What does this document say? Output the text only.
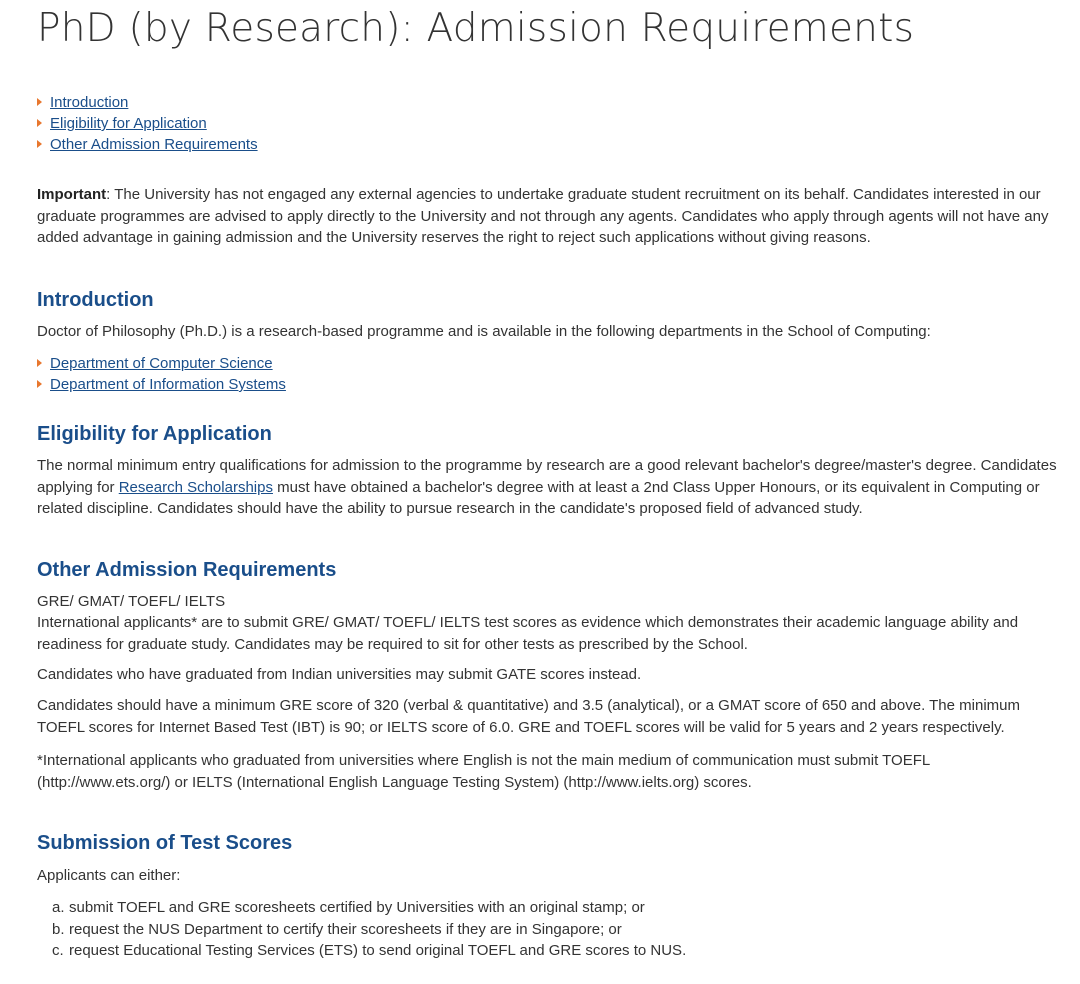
PhD (by Research): Admission Requirements
Introduction
Eligibility for Application
Other Admission Requirements

Important: The University has not engaged any external agencies to undertake graduate student recruitment on its behalf. Candidates interested in our graduate programmes are advised to apply directly to the University and not through any agents. Candidates who apply through agents will not have any added advantage in gaining admission and the University reserves the right to reject such applications without giving reasons.

Introduction

Doctor of Philosophy (Ph.D.) is a research-based programme and is available in the following departments in the School of Computing:

Department of Computer Science
Department of Information Systems
Eligibility for Application

The normal minimum entry qualifications for admission to the programme by research are a good relevant bachelor's degree/master's degree. Candidates applying for Research Scholarships must have obtained a bachelor's degree with at least a 2nd Class Upper Honours, or its equivalent in Computing or related discipline. Candidates should have the ability to pursue research in the candidate's proposed field of advanced study.

Other Admission Requirements

GRE/ GMAT/ TOEFL/ IELTS

International applicants* are to submit GRE/ GMAT/ TOEFL/ IELTS test scores as evidence which demonstrates their academic language ability and readiness for graduate study. Candidates may be required to sit for other tests as prescribed by the School.

Candidates who have graduated from Indian universities may submit GATE scores instead.

Candidates should have a minimum GRE score of 320 (verbal & quantitative) and 3.5 (analytical), or a GMAT score of 650 and above. The minimum TOEFL scores for Internet Based Test (IBT) is 90; or IELTS score of 6.0. GRE and TOEFL scores will be valid for 5 years and 2 years respectively.

*International applicants who graduated from universities where English is not the main medium of communication must submit TOEFL (http://www.ets.org/) or IELTS (International English Language Testing System) (http://www.ielts.org) scores.

Submission of Test Scores

Applicants can either:

a. submit TOEFL and GRE scoresheets certified by Universities with an original stamp; or
b. request the NUS Department to certify their scoresheets if they are in Singapore; or
c. request Educational Testing Services (ETS) to send original TOEFL and GRE scores to NUS.
